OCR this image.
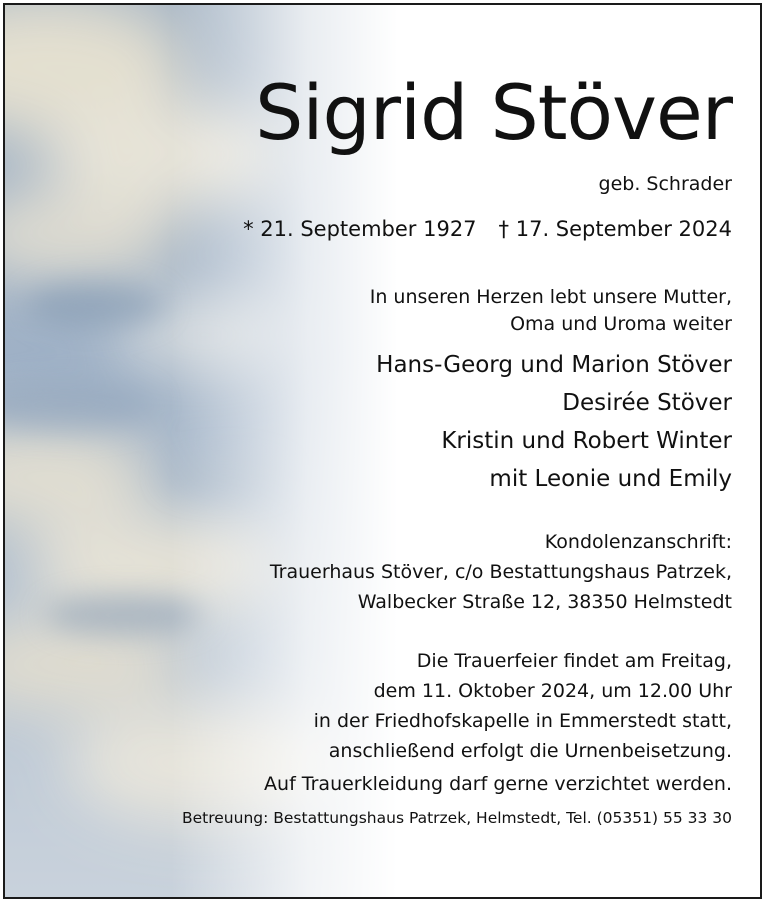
Sigrid Stöver
geb. Schrader
* 21. September 1927 † 17. September 2024
In unseren Herzen lebt unsere Mutter,
Oma und Uroma weiter
Hans-Georg und Marion Stöver
Desirée Stöver
Kristin und Robert Winter
mit Leonie und Emily
Kondolenzanschrift:
Trauerhaus Stöver, c/o Bestattungshaus Patrzek,
Walbecker Straße 12, 38350 Helmstedt
Die Trauerfeier findet am Freitag,
dem 11. Oktober 2024, um 12.00 Uhr
in der Friedhofskapelle in Emmerstedt statt,
anschließend erfolgt die Urnenbeisetzung.
Auf Trauerkleidung darf gerne verzichtet werden.
Betreuung: Bestattungshaus Patrzek, Helmstedt, Tel. (05351) 55 33 30
